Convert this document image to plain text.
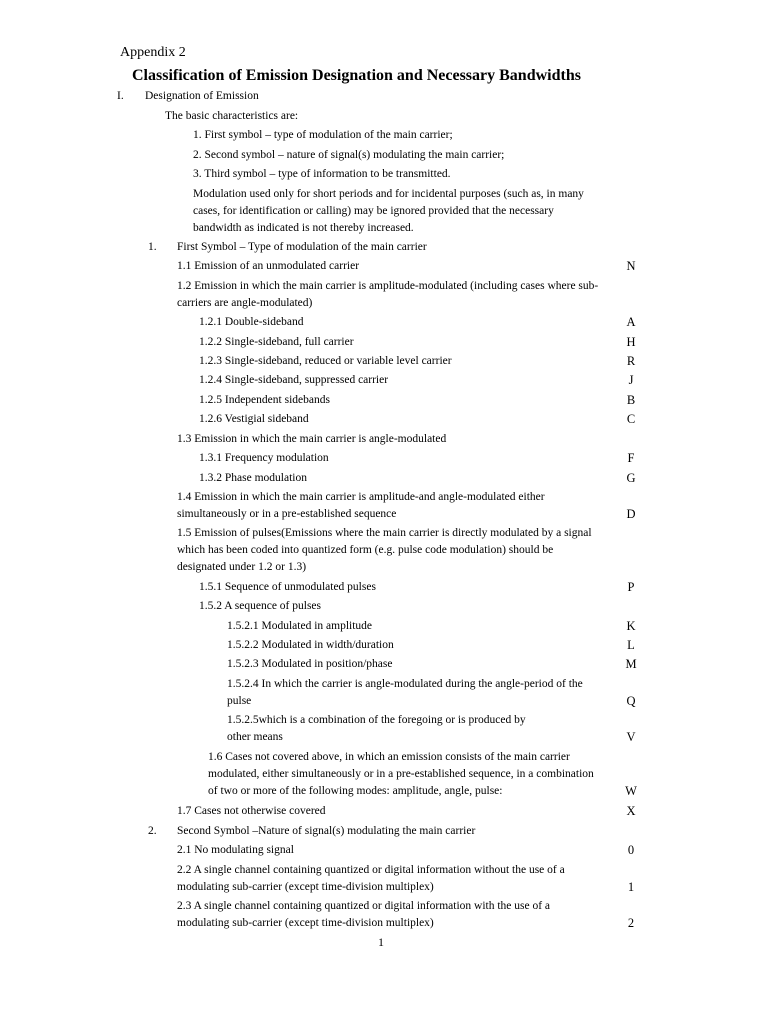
Appendix 2
Classification of Emission Designation and Necessary Bandwidths
I. Designation of Emission
The basic characteristics are:
1. First symbol – type of modulation of the main carrier;
2. Second symbol – nature of signal(s) modulating the main carrier;
3. Third symbol – type of information to be transmitted.
Modulation used only for short periods and for incidental purposes (such as, in many
cases, for identification or calling) may be ignored provided that the necessary
bandwidth as indicated is not thereby increased.
1. First Symbol – Type of modulation of the main carrier
1.1 Emission of an unmodulated carrier	N
1.2 Emission in which the main carrier is amplitude-modulated (including cases where sub-
carriers are angle-modulated)
1.2.1 Double-sideband	A
1.2.2 Single-sideband, full carrier	H
1.2.3 Single-sideband, reduced or variable level carrier	R
1.2.4 Single-sideband, suppressed carrier	J
1.2.5 Independent sidebands	B
1.2.6 Vestigial sideband	C
1.3 Emission in which the main carrier is angle-modulated
1.3.1 Frequency modulation	F
1.3.2 Phase modulation	G
1.4 Emission in which the main carrier is amplitude-and angle-modulated either
simultaneously or in a pre-established sequence	D
1.5 Emission of pulses(Emissions where the main carrier is directly modulated by a signal
which has been coded into quantized form (e.g. pulse code modulation) should be
designated under 1.2 or 1.3)
1.5.1 Sequence of unmodulated pulses	P
1.5.2 A sequence of pulses
1.5.2.1 Modulated in amplitude	K
1.5.2.2 Modulated in width/duration	L
1.5.2.3 Modulated in position/phase	M
1.5.2.4 In which the carrier is angle-modulated during the angle-period of the
pulse	Q
1.5.2.5which is a combination of the foregoing or is produced by
other means	V
1.6 Cases not covered above, in which an emission consists of the main carrier
modulated, either simultaneously or in a pre-established sequence, in a combination
of two or more of the following modes: amplitude, angle, pulse:	W
1.7 Cases not otherwise covered	X
2. Second Symbol –Nature of signal(s) modulating the main carrier
2.1 No modulating signal	0
2.2 A single channel containing quantized or digital information without the use of a
modulating sub-carrier (except time-division multiplex)	1
2.3 A single channel containing quantized or digital information with the use of a
modulating sub-carrier (except time-division multiplex)	2
1
